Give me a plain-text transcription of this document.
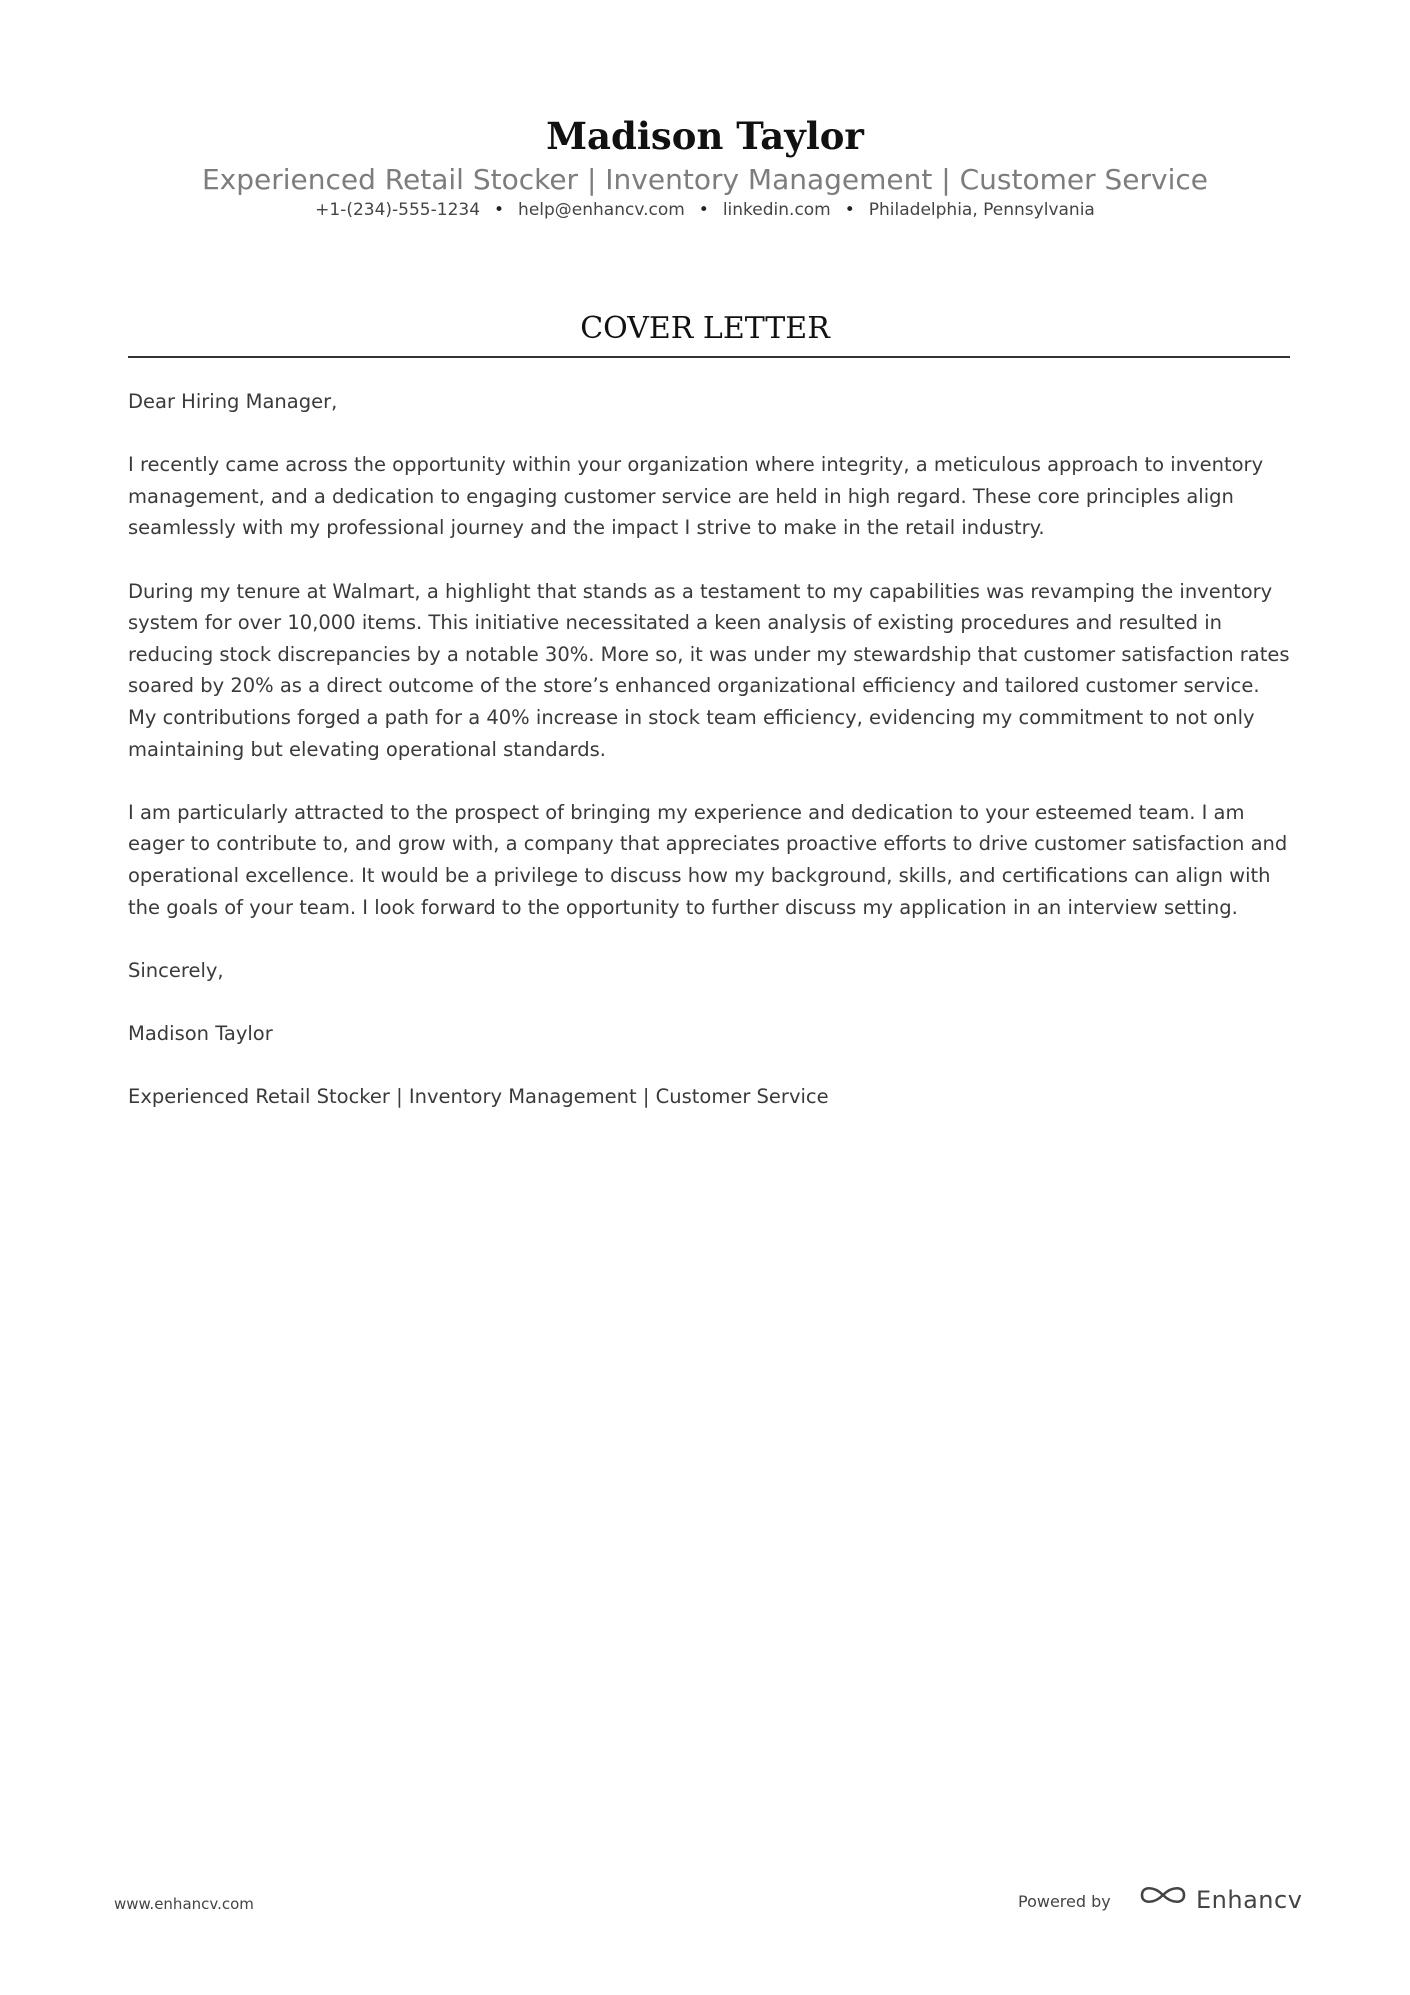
Madison Taylor
Experienced Retail Stocker | Inventory Management | Customer Service
+1-(234)-555-1234 • help@enhancv.com • linkedin.com • Philadelphia, Pennsylvania
COVER LETTER

Dear Hiring Manager,

I recently came across the opportunity within your organization where integrity, a meticulous approach to inventory management, and a dedication to engaging customer service are held in high regard. These core principles align seamlessly with my professional journey and the impact I strive to make in the retail industry.

During my tenure at Walmart, a highlight that stands as a testament to my capabilities was revamping the inventory system for over 10,000 items. This initiative necessitated a keen analysis of existing procedures and resulted in reducing stock discrepancies by a notable 30%. More so, it was under my stewardship that customer satisfaction rates soared by 20% as a direct outcome of the store’s enhanced organizational efficiency and tailored customer service. My contributions forged a path for a 40% increase in stock team efficiency, evidencing my commitment to not only maintaining but elevating operational standards.

I am particularly attracted to the prospect of bringing my experience and dedication to your esteemed team. I am eager to contribute to, and grow with, a company that appreciates proactive efforts to drive customer satisfaction and operational excellence. It would be a privilege to discuss how my background, skills, and certifications can align with the goals of your team. I look forward to the opportunity to further discuss my application in an interview setting.

Sincerely,

Madison Taylor

Experienced Retail Stocker | Inventory Management | Customer Service

www.enhancv.com	Powered by	Enhancv
